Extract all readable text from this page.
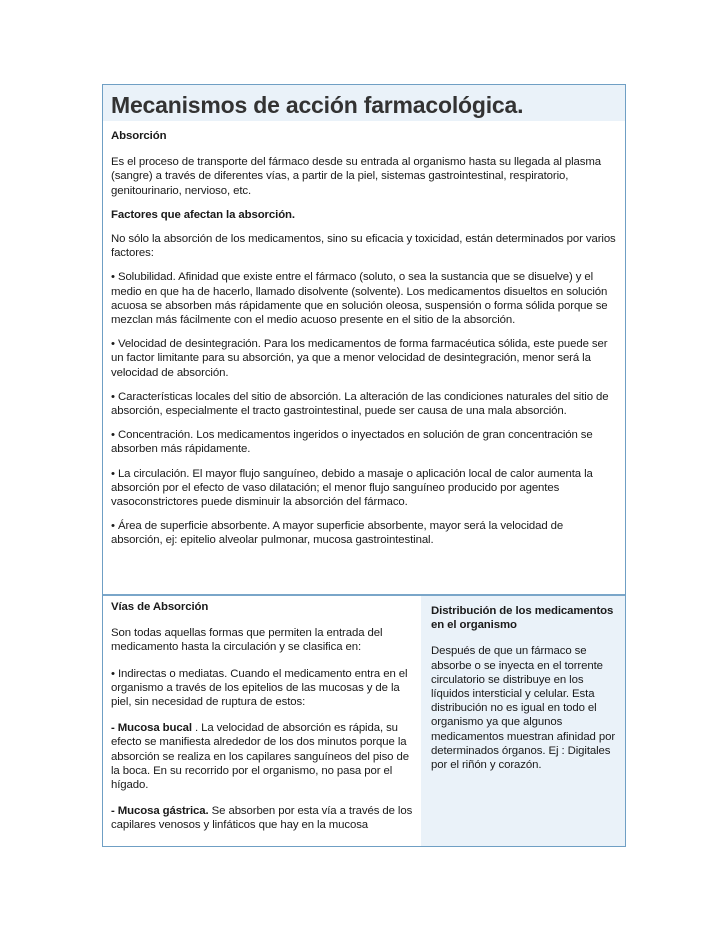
Mecanismos de acción farmacológica.

Absorción

Es el proceso de transporte del fármaco desde su entrada al organismo hasta su llegada al plasma (sangre) a través de diferentes vías, a partir de la piel, sistemas gastrointestinal, respiratorio, genitourinario, nervioso, etc.

Factores que afectan la absorción.

No sólo la absorción de los medicamentos, sino su eficacia y toxicidad, están determinados por varios factores:

• Solubilidad. Afinidad que existe entre el fármaco (soluto, o sea la sustancia que se disuelve) y el medio en que ha de hacerlo, llamado disolvente (solvente). Los medicamentos disueltos en solución acuosa se absorben más rápidamente que en solución oleosa, suspensión o forma sólida porque se mezclan más fácilmente con el medio acuoso presente en el sitio de la absorción.

• Velocidad de desintegración. Para los medicamentos de forma farmacéutica sólida, este puede ser un factor limitante para su absorción, ya que a menor velocidad de desintegración, menor será la velocidad de absorción.

• Características locales del sitio de absorción. La alteración de las condiciones naturales del sitio de absorción, especialmente el tracto gastrointestinal, puede ser causa de una mala absorción.

• Concentración. Los medicamentos ingeridos o inyectados en solución de gran concentración se absorben más rápidamente.

• La circulación. El mayor flujo sanguíneo, debido a masaje o aplicación local de calor aumenta la absorción por el efecto de vaso dilatación; el menor flujo sanguíneo producido por agentes vasoconstrictores puede disminuir la absorción del fármaco.

• Área de superficie absorbente. A mayor superficie absorbente, mayor será la velocidad de absorción, ej: epitelio alveolar pulmonar, mucosa gastrointestinal.

Vías de Absorción

Son todas aquellas formas que permiten la entrada del medicamento hasta la circulación y se clasifica en:

• Indirectas o mediatas. Cuando el medicamento entra en el organismo a través de los epitelios de las mucosas y de la piel, sin necesidad de ruptura de estos:

- Mucosa bucal . La velocidad de absorción es rápida, su efecto se manifiesta alrededor de los dos minutos porque la absorción se realiza en los capilares sanguíneos del piso de la boca. En su recorrido por el organismo, no pasa por el hígado.

- Mucosa gástrica. Se absorben por esta vía a través de los capilares venosos y linfáticos que hay en la mucosa

Distribución de los medicamentos en el organismo

Después de que un fármaco se absorbe o se inyecta en el torrente circulatorio se distribuye en los líquidos intersticial y celular. Esta distribución no es igual en todo el organismo ya que algunos medicamentos muestran afinidad por determinados órganos. Ej : Digitales por el riñón y corazón.
